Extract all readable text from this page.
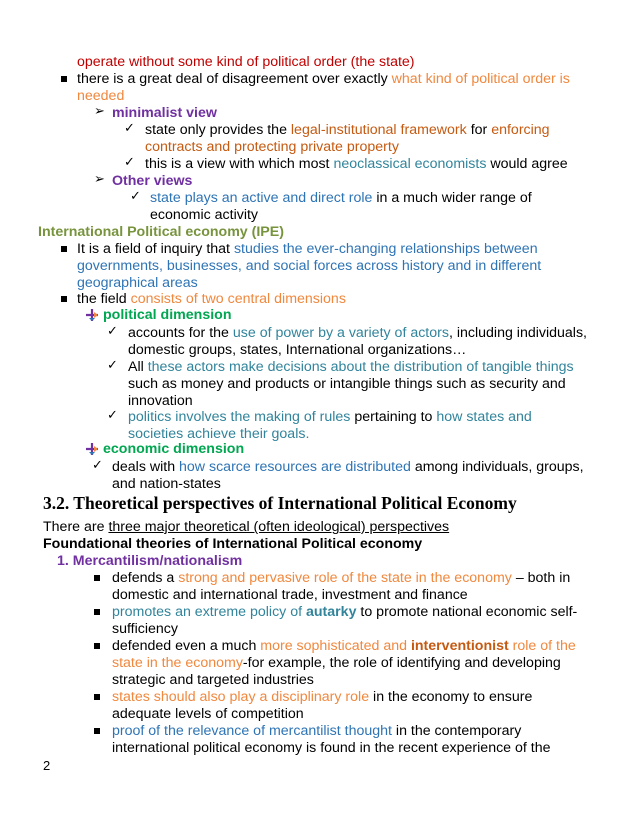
operate without some kind of political order (the state)
there is a great deal of disagreement over exactly what kind of political order is
needed
➢ minimalist view
✓ state only provides the legal-institutional framework for enforcing
contracts and protecting private property
✓ this is a view with which most neoclassical economists would agree
➢ Other views
✓ state plays an active and direct role in a much wider range of
economic activity
International Political economy (IPE)
It is a field of inquiry that studies the ever-changing relationships between
governments, businesses, and social forces across history and in different
geographical areas
the field consists of two central dimensions
political dimension
✓ accounts for the use of power by a variety of actors, including individuals,
domestic groups, states, International organizations…
✓ All these actors make decisions about the distribution of tangible things
such as money and products or intangible things such as security and
innovation
✓ politics involves the making of rules pertaining to how states and
societies achieve their goals.
economic dimension
✓ deals with how scarce resources are distributed among individuals, groups,
and nation-states
3.2. Theoretical perspectives of International Political Economy
There are three major theoretical (often ideological) perspectives
Foundational theories of International Political economy
1. Mercantilism/nationalism
defends a strong and pervasive role of the state in the economy – both in
domestic and international trade, investment and finance
promotes an extreme policy of autarky to promote national economic self-
sufficiency
defended even a much more sophisticated and interventionist role of the
state in the economy-for example, the role of identifying and developing
strategic and targeted industries
states should also play a disciplinary role in the economy to ensure
adequate levels of competition
proof of the relevance of mercantilist thought in the contemporary
international political economy is found in the recent experience of the
2
